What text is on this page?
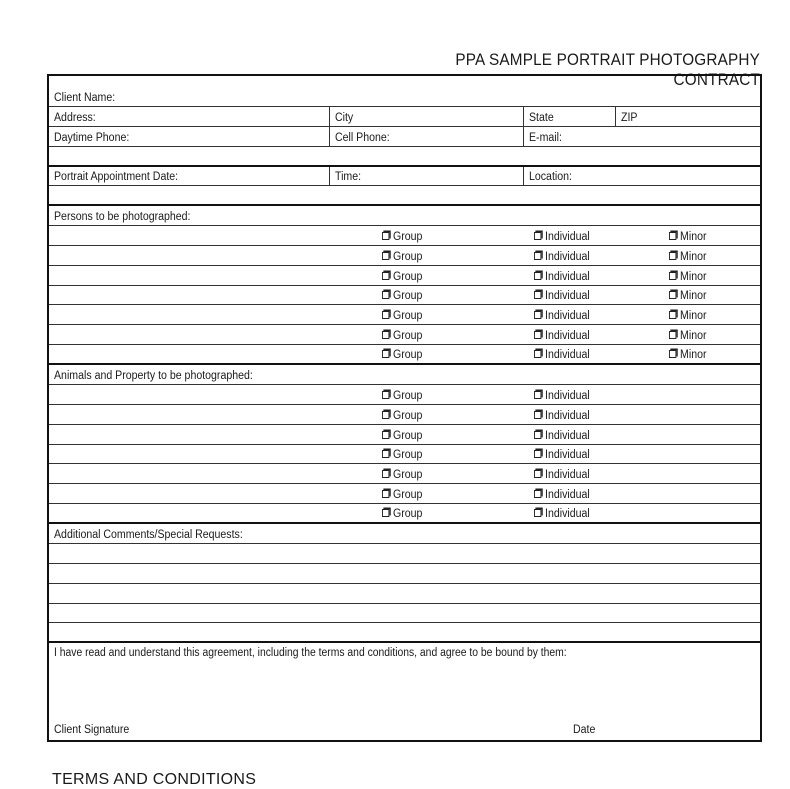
PPA SAMPLE PORTRAIT PHOTOGRAPHY CONTRACT
Client Name:
Address:	City	State	ZIP
Daytime Phone:	Cell Phone:	E-mail:
Portrait Appointment Date:	Time:	Location:
Persons to be photographed:
Group	Individual	Minor
Group	Individual	Minor
Group	Individual	Minor
Group	Individual	Minor
Group	Individual	Minor
Group	Individual	Minor
Group	Individual	Minor
Animals and Property to be photographed:
Group	Individual
Group	Individual
Group	Individual
Group	Individual
Group	Individual
Group	Individual
Group	Individual
Additional Comments/Special Requests:
I have read and understand this agreement, including the terms and conditions, and agree to be bound by them:
Client Signature	Date
TERMS AND CONDITIONS
